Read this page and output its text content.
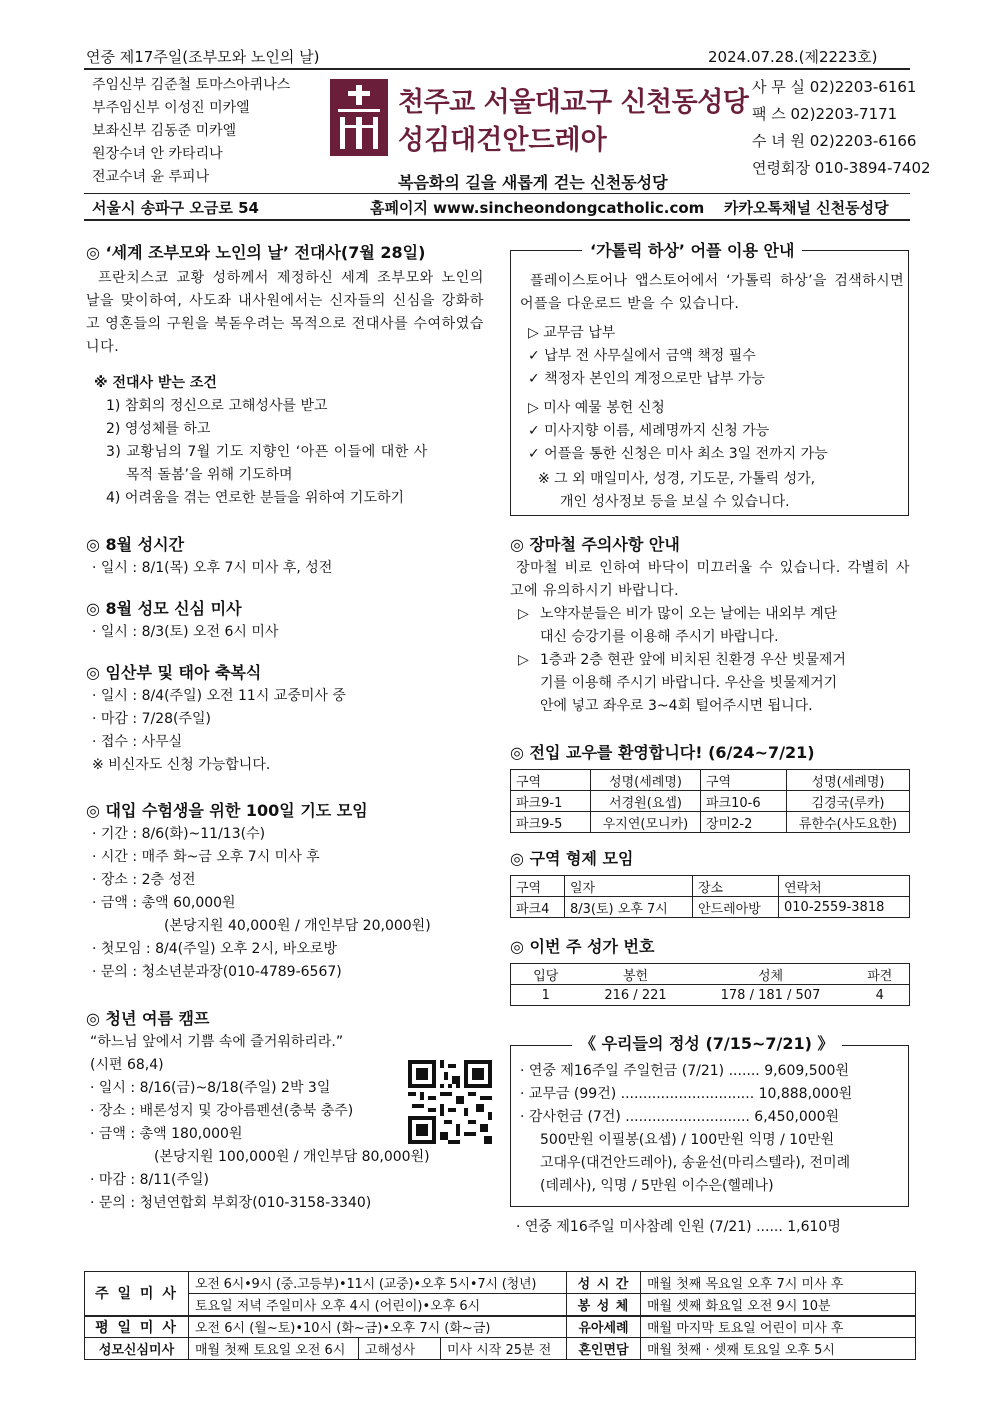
연중 제17주일(조부모와 노인의 날)	2024.07.28.(제2223호)
주임신부 김준철 토마스아퀴나스
부주임신부 이성진 미카엘
보좌신부 김동준 미카엘
원장수녀 안 카타리나
전교수녀 윤 루피나
천주교 서울대교구 신천동성당
성김대건안드레아
복음화의 길을 새롭게 걷는 신천동성당
사 무 실 02)2203-6161
팩 스 02)2203-7171
수 녀 원 02)2203-6166
연령회장 010-3894-7402
서울시 송파구 오금로 54	홈페이지 www.sincheondongcatholic.com 카카오톡채널 신천동성당
◎ ‘세계 조부모와 노인의 날’ 전대사(7월 28일)
프란치스코 교황 성하께서 제정하신 세계 조부모와 노인의 날을 맞이하여, 사도좌 내사원에서는 신자들의 신심을 강화하고 영혼들의 구원을 북돋우려는 목적으로 전대사를 수여하였습니다.
※ 전대사 받는 조건
1) 참회의 정신으로 고해성사를 받고
2) 영성체를 하고
3) 교황님의 7월 기도 지향인 ‘아픈 이들에 대한 사
목적 돌봄’을 위해 기도하며
4) 어려움을 겪는 연로한 분들을 위하여 기도하기
◎ 8월 성시간
· 일시 : 8/1(목) 오후 7시 미사 후, 성전
◎ 8월 성모 신심 미사
· 일시 : 8/3(토) 오전 6시 미사
◎ 임산부 및 태아 축복식
· 일시 : 8/4(주일) 오전 11시 교중미사 중
· 마감 : 7/28(주일)
· 접수 : 사무실
※ 비신자도 신청 가능합니다.
◎ 대입 수험생을 위한 100일 기도 모임
· 기간 : 8/6(화)~11/13(수)
· 시간 : 매주 화~금 오후 7시 미사 후
· 장소 : 2층 성전
· 금액 : 총액 60,000원
(본당지원 40,000원 / 개인부담 20,000원)
· 첫모임 : 8/4(주일) 오후 2시, 바오로방
· 문의 : 청소년분과장(010-4789-6567)
◎ 청년 여름 캠프
“하느님 앞에서 기쁨 속에 즐거워하리라.”
(시편 68,4)
· 일시 : 8/16(금)~8/18(주일) 2박 3일
· 장소 : 배론성지 및 강아름펜션(충북 충주)
· 금액 : 총액 180,000원
(본당지원 100,000원 / 개인부담 80,000원)
· 마감 : 8/11(주일)
· 문의 : 청년연합회 부회장(010-3158-3340)
‘가톨릭 하상’ 어플 이용 안내
플레이스토어나 앱스토어에서 ‘가톨릭 하상’을 검색하시면 어플을 다운로드 받을 수 있습니다.
▷ 교무금 납부
✓ 납부 전 사무실에서 금액 책정 필수
✓ 책정자 본인의 계정으로만 납부 가능
▷ 미사 예물 봉헌 신청
✓ 미사지향 이름, 세례명까지 신청 가능
✓ 어플을 통한 신청은 미사 최소 3일 전까지 가능
※ 그 외 매일미사, 성경, 기도문, 가톨릭 성가,
개인 성사정보 등을 보실 수 있습니다.
◎ 장마철 주의사항 안내
장마철 비로 인하여 바닥이 미끄러울 수 있습니다. 각별히 사고에 유의하시기 바랍니다.
▷ 노약자분들은 비가 많이 오는 날에는 내외부 계단
대신 승강기를 이용해 주시기 바랍니다.
▷ 1층과 2층 현관 앞에 비치된 친환경 우산 빗물제거
기를 이용해 주시기 바랍니다. 우산을 빗물제거기
안에 넣고 좌우로 3~4회 털어주시면 됩니다.
◎ 전입 교우를 환영합니다! (6/24~7/21)
구역	성명(세례명)	구역	성명(세례명)
파크9-1	서경원(요셉)	파크10-6	김경국(루카)
파크9-5	우지연(모니카)	장미2-2	류한수(사도요한)
◎ 구역 형제 모임
구역	일자	장소	연락처
파크4	8/3(토) 오후 7시	안드레아방	010-2559-3818
◎ 이번 주 성가 번호
입당	봉헌	성체	파견
1	216 / 221	178 / 181 / 507	4
《 우리들의 정성 (7/15~7/21) 》
· 연중 제16주일 주일헌금 (7/21) ....... 9,609,500원
· 교무금 (99건) .............................. 10,888,000원
· 감사헌금 (7건) ............................ 6,450,000원
500만원 이필봉(요셉) / 100만원 익명 / 10만원
고대우(대건안드레아), 송윤선(마리스텔라), 전미례
(데레사), 익명 / 5만원 이수은(헬레나)
· 연중 제16주일 미사참례 인원 (7/21) ...... 1,610명
주 일 미 사	오전 6시•9시 (중.고등부)•11시 (교중)•오후 5시•7시 (청년)			성 시 간	매월 첫째 목요일 오후 7시 미사 후
	토요일 저녁 주일미사 오후 4시 (어린이)•오후 6시			봉 성 체	매월 셋째 화요일 오전 9시 10분
평 일 미 사	오전 6시 (월~토)•10시 (화~금)•오후 7시 (화~금)			유아세례	매월 마지막 토요일 어린이 미사 후
성모신심미사	매월 첫째 토요일 오전 6시	고해성사	미사 시작 25분 전	혼인면담	매월 첫째 · 셋째 토요일 오후 5시
